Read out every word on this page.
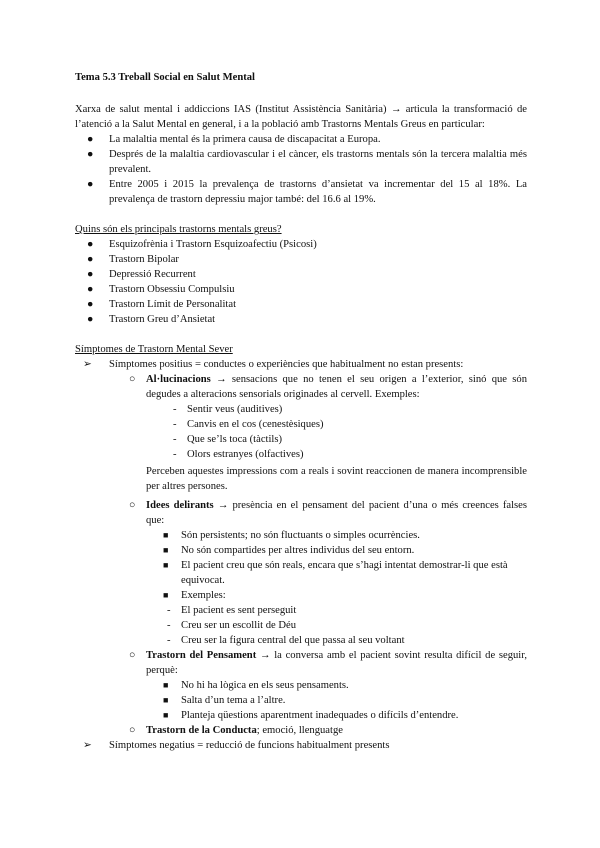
Tema 5.3 Treball Social en Salut Mental

Xarxa de salut mental i addiccions IAS (Institut Assistència Sanitària) → articula la transformació de l’atenció a la Salut Mental en general, i a la població amb Trastorns Mentals Greus en particular:

● La malaltia mental és la primera causa de discapacitat a Europa.
● Després de la malaltia cardiovascular i el càncer, els trastorns mentals són la tercera malaltia més prevalent.
● Entre 2005 i 2015 la prevalença de trastorns d’ansietat va incrementar del 15 al 18%. La prevalença de trastorn depressiu major també: del 16.6 al 19%.

Quins són els principals trastorns mentals greus?

● Esquizofrènia i Trastorn Esquizoafectiu (Psicosi)
● Trastorn Bipolar
● Depressió Recurrent
● Trastorn Obsessiu Compulsiu
● Trastorn Límit de Personalitat
● Trastorn Greu d’Ansietat

Símptomes de Trastorn Mental Sever

➢ Símptomes positius = conductes o experiències que habitualment no estan presents:
○ Al·lucinacions → sensacions que no tenen el seu origen a l’exterior, sinó que són degudes a alteracions sensorials originades al cervell. Exemples:
- Sentir veus (auditives)
- Canvis en el cos (cenestèsiques)
- Que se’ls toca (tàctils)
- Olors estranyes (olfactives)

Perceben aquestes impressions com a reals i sovint reaccionen de manera incomprensible per altres persones.

○ Idees delirants → presència en el pensament del pacient d’una o més creences falses que:
■ Són persistents; no són fluctuants o simples ocurrències.
■ No són compartides per altres individus del seu entorn.
■ El pacient creu que són reals, encara que s’hagi intentat demostrar-li que està equivocat.
■ Exemples:
- El pacient es sent perseguit
- Creu ser un escollit de Déu
- Creu ser la figura central del que passa al seu voltant
○ Trastorn del Pensament → la conversa amb el pacient sovint resulta difícil de seguir, perquè:
■ No hi ha lògica en els seus pensaments.
■ Salta d’un tema a l’altre.
■ Planteja qüestions aparentment inadequades o difícils d’entendre.
○ Trastorn de la Conducta; emoció, llenguatge
➢ Símptomes negatius = reducció de funcions habitualment presents
